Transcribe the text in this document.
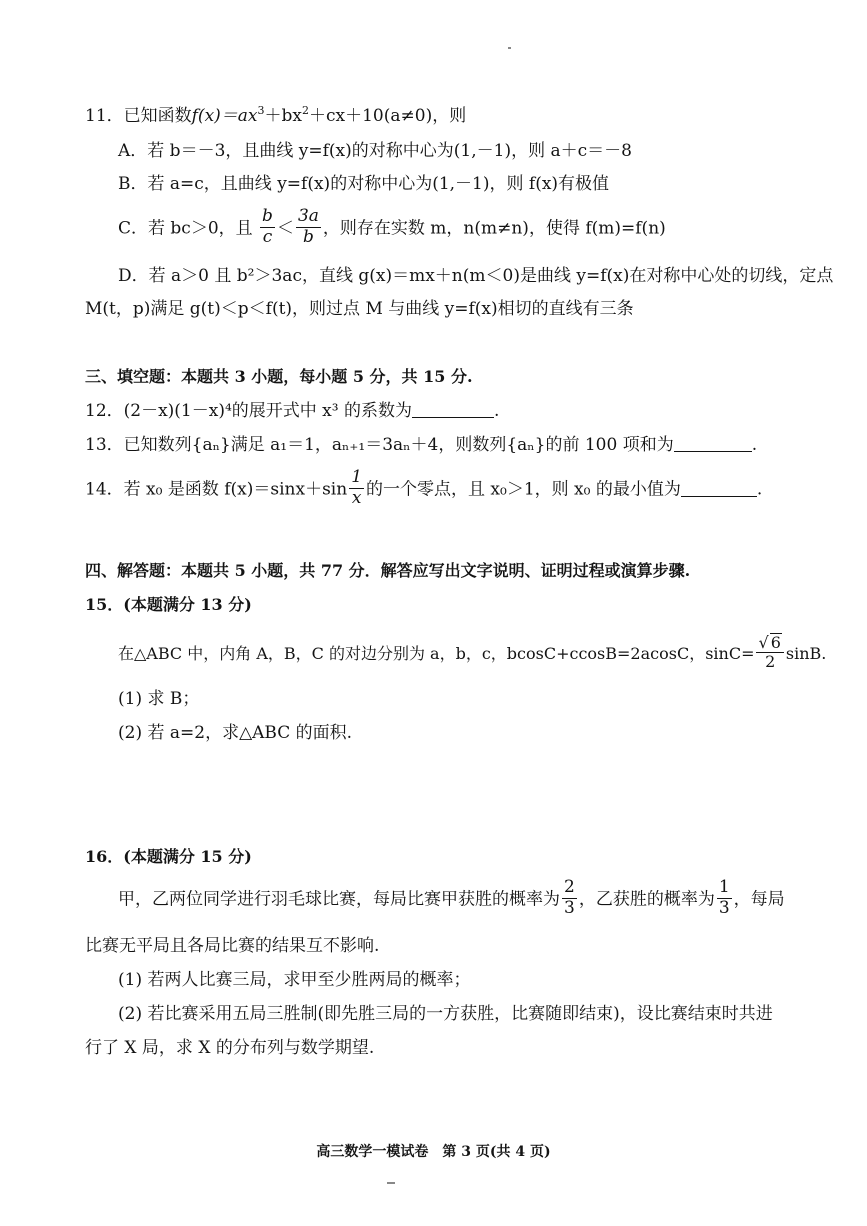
11．已知函数$f(x)=ax^3+bx^2+cx+10(a\ne 0)$，则
A．若 b＝－3，且曲线 y=f(x)的对称中心为(1,－1)，则 a＋c＝－8
B．若 a=c，且曲线 y=f(x)的对称中心为(1,－1)，则 f(x)有极值
C．若 bc＞0，且 $\frac{b}{c} < \frac{3a}{b}$ ，则存在实数 m，n(m≠n)，使得 f(m)=f(n)
D．若 a＞0 且 b²＞3ac，直线 g(x)＝mx＋n(m＜0)是曲线 y=f(x)在对称中心处的切线，定点
M(t，p)满足 g(t)＜p＜f(t)，则过点 M 与曲线 y=f(x)相切的直线有三条
三、填空题：本题共 3 小题，每小题 5 分，共 15 分.
12．(2－x)(1－x)⁴的展开式中 x³ 的系数为	.
13．已知数列{aₙ}满足 a₁＝1，aₙ₊₁＝3aₙ＋4，则数列{aₙ}的前 100 项和为	.
14．若 x₀ 是函数 $f(x)=\sin x+\sin \frac{1}{x}$ 的一个零点，且 x₀＞1，则 x₀ 的最小值为	.
四、解答题：本题共 5 小题，共 77 分．解答应写出文字说明、证明过程或演算步骤.
15．(本题满分 13 分)
在△ABC 中，内角 A，B，C 的对边分别为 a，b，c，bcosC+ccosB=2acosC，$\sin C= \frac{√ 6}{2} \sin B$.
(1) 求 B；
(2) 若 a=2，求△ABC 的面积.
16．(本题满分 15 分)
甲，乙两位同学进行羽毛球比赛，每局比赛甲获胜的概率为 $\frac{2}{3}$ ，乙获胜的概率为 $\frac{1}{3}$ ，每局
比赛无平局且各局比赛的结果互不影响.
(1) 若两人比赛三局，求甲至少胜两局的概率；
(2) 若比赛采用五局三胜制(即先胜三局的一方获胜，比赛随即结束)，设比赛结束时共进
行了 X 局，求 X 的分布列与数学期望.
高三数学一模试卷　第 3 页(共 4 页)
